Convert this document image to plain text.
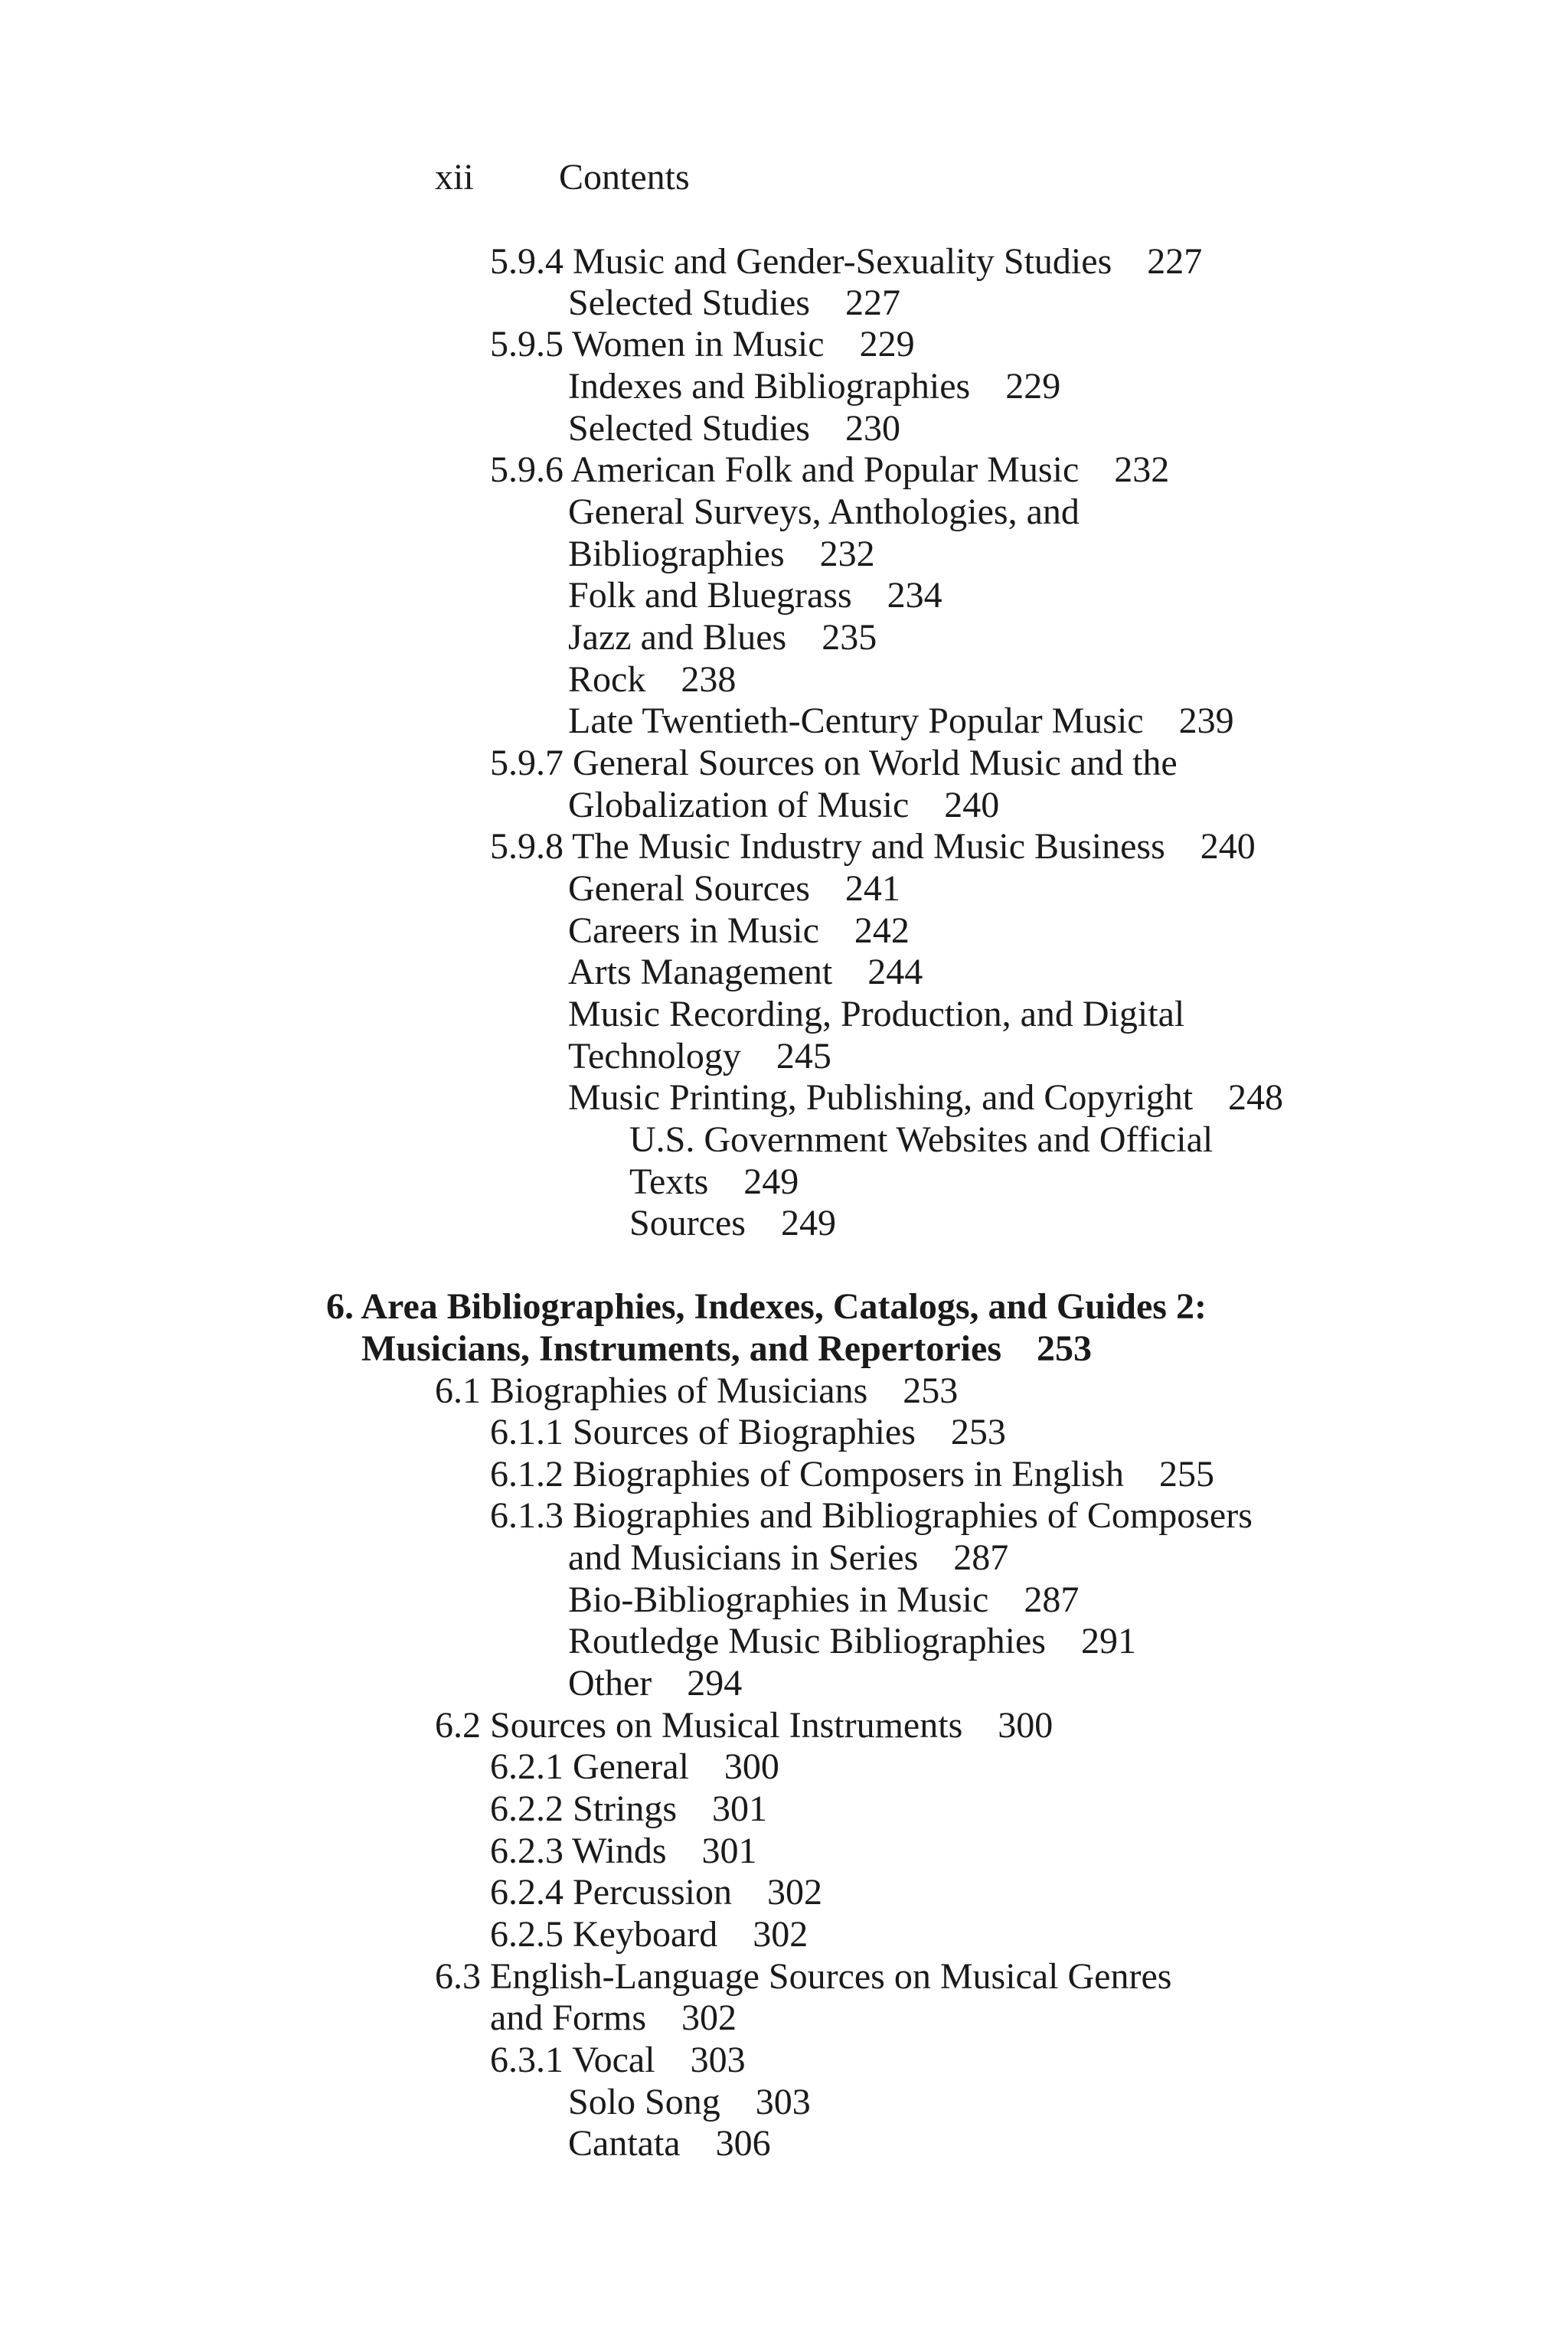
xii Contents
5.9.4 Music and Gender-Sexuality Studies 227
Selected Studies 227
5.9.5 Women in Music 229
Indexes and Bibliographies 229
Selected Studies 230
5.9.6 American Folk and Popular Music 232
General Surveys, Anthologies, and
Bibliographies 232
Folk and Bluegrass 234
Jazz and Blues 235
Rock 238
Late Twentieth-Century Popular Music 239
5.9.7 General Sources on World Music and the
Globalization of Music 240
5.9.8 The Music Industry and Music Business 240
General Sources 241
Careers in Music 242
Arts Management 244
Music Recording, Production, and Digital
Technology 245
Music Printing, Publishing, and Copyright 248
U.S. Government Websites and Official
Texts 249
Sources 249
6. Area Bibliographies, Indexes, Catalogs, and Guides 2:
Musicians, Instruments, and Repertories 253
6.1 Biographies of Musicians 253
6.1.1 Sources of Biographies 253
6.1.2 Biographies of Composers in English 255
6.1.3 Biographies and Bibliographies of Composers
and Musicians in Series 287
Bio-Bibliographies in Music 287
Routledge Music Bibliographies 291
Other 294
6.2 Sources on Musical Instruments 300
6.2.1 General 300
6.2.2 Strings 301
6.2.3 Winds 301
6.2.4 Percussion 302
6.2.5 Keyboard 302
6.3 English-Language Sources on Musical Genres
and Forms 302
6.3.1 Vocal 303
Solo Song 303
Cantata 306
